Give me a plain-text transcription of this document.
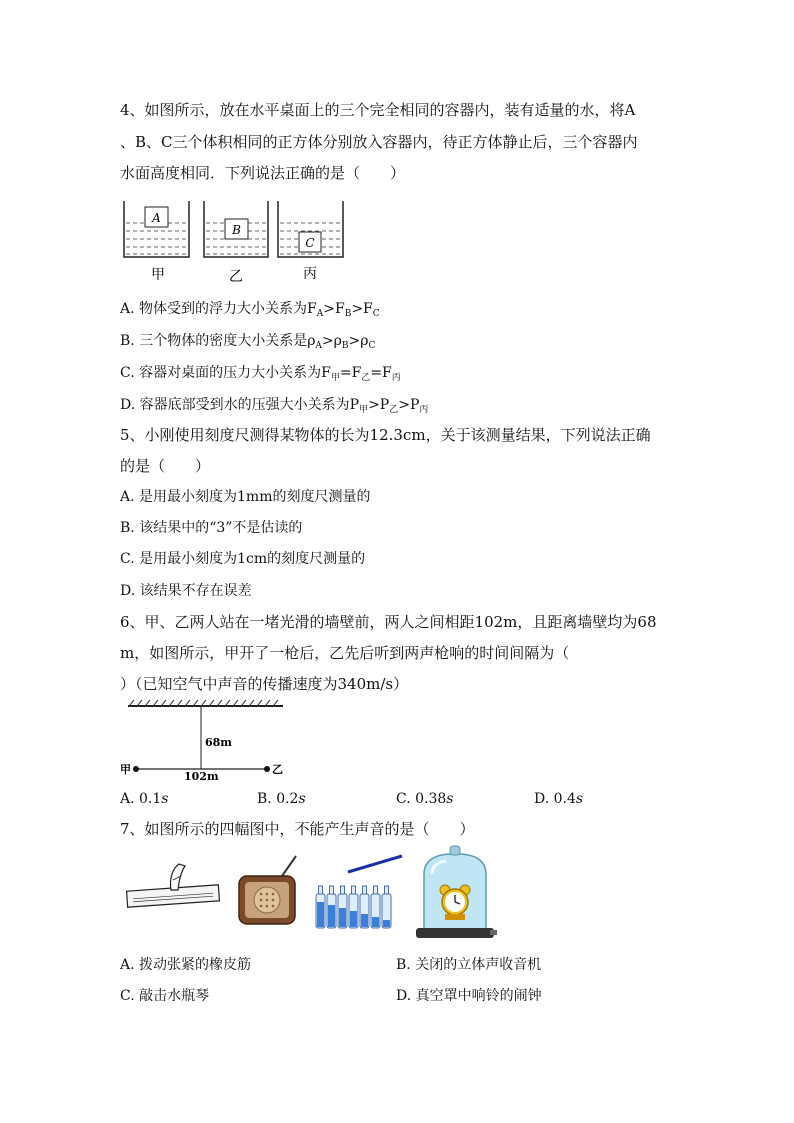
4、如图所示，放在水平桌面上的三个完全相同的容器内，装有适量的水，将A
、B、C三个体积相同的正方体分别放入容器内，待正方体静止后，三个容器内
水面高度相同．下列说法正确的是（　　）
A
B
C
甲	乙	丙
A. 物体受到的浮力大小关系为$F_A>F_B>F_C$
B. 三个物体的密度大小关系是$\rho_A>\rho_B>\rho_C$
C. 容器对桌面的压力大小关系为$F_甲=F_乙=F_丙$
D. 容器底部受到水的压强大小关系为$P_甲>P_乙>P_丙$
5、小刚使用刻度尺测得某物体的长为12.3cm，关于该测量结果，下列说法正确
的是（　　）
A. 是用最小刻度为1mm的刻度尺测量的
B. 该结果中的“3”不是估读的
C. 是用最小刻度为1cm的刻度尺测量的
D. 该结果不存在误差
6、甲、乙两人站在一堵光滑的墙壁前，两人之间相距102m，且距离墙壁均为68
m，如图所示，甲开了一枪后，乙先后听到两声枪响的时间间隔为（
）（已知空气中声音的传播速度为340m/s）
68m
102m
甲	乙
A. 0.1s	B. 0.2s	C. 0.38s	D. 0.4s
7、如图所示的四幅图中，不能产生声音的是（　　）
A. 拨动张紧的橡皮筋	B. 关闭的立体声收音机
C. 敲击水瓶琴	D. 真空罩中响铃的闹钟
